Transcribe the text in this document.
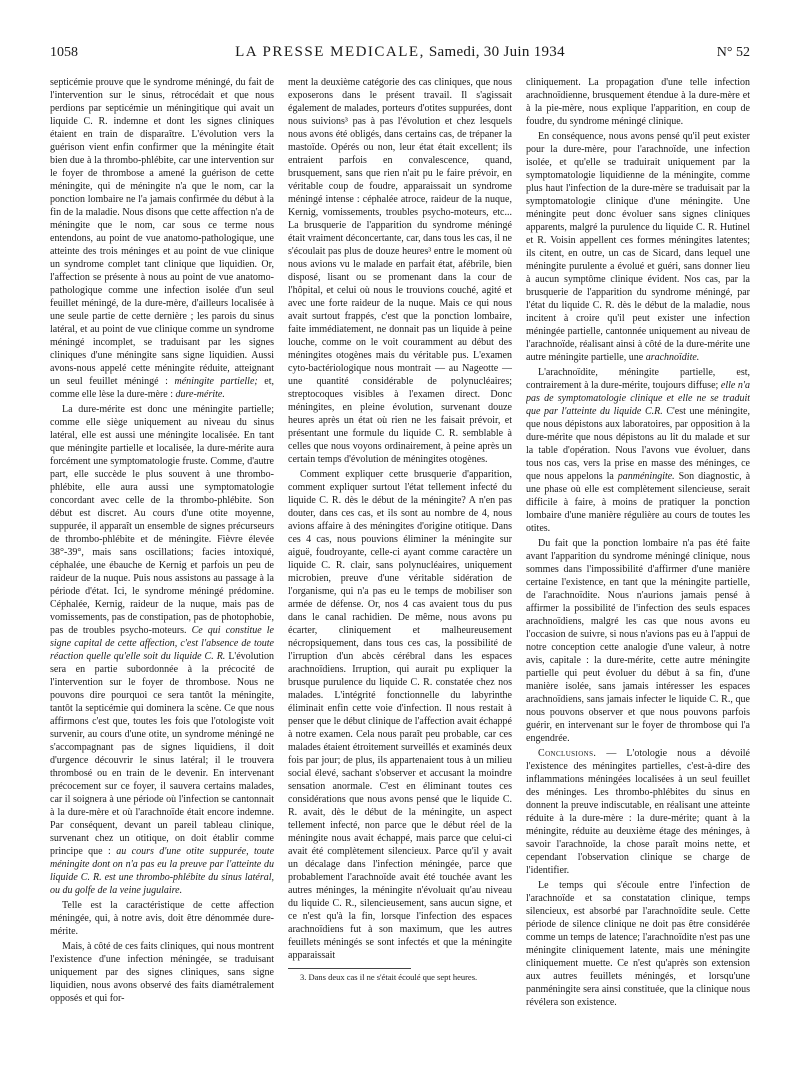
1058	LA PRESSE MEDICALE, Samedi, 30 Juin 1934	N° 52

septicémie prouve que le syndrome méningé, du fait de l'intervention sur le sinus, rétrocédait et que nous perdions par septicémie un méningitique qui avait un liquide C. R. indemne et dont les signes cliniques étaient en train de disparaître. L'évolution vers la guérison vient enfin confirmer que la méningite était bien due à la thrombo-phlébite, car une intervention sur le foyer de thrombose a amené la guérison de cette méningite, qui de méningite n'a que le nom, car la ponction lombaire ne l'a jamais confirmée du début à la fin de la maladie. Nous disons que cette affection n'a de méningite que le nom, car sous ce terme nous entendons, au point de vue anatomo-pathologique, une atteinte des trois méninges et au point de vue clinique un syndrome complet tant clinique que liquidien. Or, l'affection se présente à nous au point de vue anatomo-pathologique comme une infection isolée d'un seul feuillet méningé, de la dure-mère, d'ailleurs localisée à une seule partie de cette dernière ; les parois du sinus latéral, et au point de vue clinique comme un syndrome méningé incomplet, se traduisant par les signes cliniques d'une méningite sans signe liquidien. Aussi avons-nous appelé cette méningite réduite, atteignant un seul feuillet méningé : méningite partielle; et, comme elle lèse la dure-mère : dure-mérite.

La dure-mérite est donc une méningite partielle; comme elle siège uniquement au niveau du sinus latéral, elle est aussi une méningite localisée. En tant que méningite partielle et localisée, la dure-mérite aura forcément une symptomatologie fruste. Comme, d'autre part, elle succède le plus souvent à une thrombo-phlébite, elle aura aussi une symptomatologie concordant avec celle de la thrombo-phlébite. Son début est discret. Au cours d'une otite moyenne, suppurée, il apparaît un ensemble de signes précurseurs de thrombo-phlébite et de méningite. Fièvre élevée 38°-39°, mais sans oscillations; facies intoxiqué, céphalée, une ébauche de Kernig et parfois un peu de raideur de la nuque. Puis nous assistons au passage à la période d'état. Ici, le syndrome méningé prédomine. Céphalée, Kernig, raideur de la nuque, mais pas de vomissements, pas de constipation, pas de photophobie, pas de troubles psycho-moteurs. Ce qui constitue le signe capital de cette affection, c'est l'absence de toute réaction quelle qu'elle soit du liquide C. R. L'évolution sera en partie subordonnée à la précocité de l'intervention sur le foyer de thrombose. Nous ne pouvons dire pourquoi ce sera tantôt la méningite, tantôt la septicémie qui dominera la scène. Ce que nous affirmons c'est que, toutes les fois que l'otologiste voit survenir, au cours d'une otite, un syndrome méningé ne s'accompagnant pas de signes liquidiens, il doit d'urgence découvrir le sinus latéral; il le trouvera thrombosé ou en train de le devenir. En intervenant précocement sur ce foyer, il sauvera certains malades, car il soignera à une période où l'infection se cantonnait à la dure-mère et où l'arachnoïde était encore indemne. Par conséquent, devant un pareil tableau clinique, survenant chez un otitique, on doit établir comme principe que : au cours d'une otite suppurée, toute méningite dont on n'a pas eu la preuve par l'atteinte du liquide C. R. est une thrombo-phlébite du sinus latéral, ou du golfe de la veine jugulaire.

Telle est la caractéristique de cette affection méningée, qui, à notre avis, doit être dénommée dure-mérite.

Mais, à côté de ces faits cliniques, qui nous montrent l'existence d'une infection méningée, se traduisant uniquement par des signes cliniques, sans signe liquidien, nous avons observé des faits diamétralement opposés et qui for-

ment la deuxième catégorie des cas cliniques, que nous exposerons dans le présent travail. Il s'agissait également de malades, porteurs d'otites suppurées, dont nous suivions³ pas à pas l'évolution et chez lesquels nous avons été obligés, dans certains cas, de trépaner la mastoïde. Opérés ou non, leur état était excellent; ils entraient parfois en convalescence, quand, brusquement, sans que rien n'ait pu le faire prévoir, en véritable coup de foudre, apparaissait un syndrome méningé intense : céphalée atroce, raideur de la nuque, Kernig, vomissements, troubles psycho-moteurs, etc... La brusquerie de l'apparition du syndrome méningé était vraiment déconcertante, car, dans tous les cas, il ne s'écoulait pas plus de douze heures³ entre le moment où nous avions vu le malade en parfait état, afébrile, bien disposé, lisant ou se promenant dans la cour de l'hôpital, et celui où nous le trouvions couché, agité et avec une forte raideur de la nuque. Mais ce qui nous avait surtout frappés, c'est que la ponction lombaire, faite immédiatement, ne donnait pas un liquide à peine louche, comme on le voit couramment au début des méningites otogènes mais du véritable pus. L'examen cyto-bactériologique nous montrait — au Nageotte — une quantité considérable de polynucléaires; streptocoques visibles à l'examen direct. Donc méningites, en pleine évolution, survenant douze heures après un état où rien ne les faisait prévoir, et présentant une formule du liquide C. R. semblable à celles que nous voyons ordinairement, à peine après un certain temps d'évolution de méningites otogènes.

Comment expliquer cette brusquerie d'apparition, comment expliquer surtout l'état tellement infecté du liquide C. R. dès le début de la méningite? A n'en pas douter, dans ces cas, et ils sont au nombre de 4, nous avions affaire à des méningites d'origine otitique. Dans ces 4 cas, nous pouvions éliminer la méningite sur aiguë, foudroyante, celle-ci ayant comme caractère un liquide C. R. clair, sans polynucléaires, uniquement microbien, preuve d'une véritable sidération de l'organisme, qui n'a pas eu le temps de mobiliser son armée de défense. Or, nos 4 cas avaient tous du pus dans le canal rachidien. De même, nous avons pu écarter, cliniquement et malheureusement nécropsiquement, dans tous ces cas, la possibilité de l'irruption d'un abcès cérébral dans les espaces arachnoïdiens. Irruption, qui aurait pu expliquer la brusque purulence du liquide C. R. constatée chez nos malades. L'intégrité fonctionnelle du labyrinthe éliminait enfin cette voie d'infection. Il nous restait à penser que le début clinique de l'affection avait échappé à notre examen. Cela nous paraît peu probable, car ces malades étaient étroitement surveillés et examinés deux fois par jour; de plus, ils appartenaient tous à un milieu social élevé, sachant s'observer et accusant la moindre sensation anormale. C'est en éliminant toutes ces considérations que nous avons pensé que le liquide C. R. avait, dès le début de la méningite, un aspect tellement infecté, non parce que le début réel de la méningite nous avait échappé, mais parce que celui-ci avait été complètement silencieux. Parce qu'il y avait un décalage dans l'infection méningée, parce que probablement l'arachnoïde avait été touchée avant les autres méninges, la méningite n'évoluait qu'au niveau du liquide C. R., silencieusement, sans aucun signe, et ce n'est qu'à la fin, lorsque l'infection des espaces arachnoïdiens fut à son maximum, que les autres feuillets méningés se sont infectés et que la méningite apparaissait

3. Dans deux cas il ne s'était écoulé que sept heures.

cliniquement. La propagation d'une telle infection arachnoïdienne, brusquement étendue à la dure-mère et à la pie-mère, nous explique l'apparition, en coup de foudre, du syndrome méningé clinique.

En conséquence, nous avons pensé qu'il peut exister pour la dure-mère, pour l'arachnoïde, une infection isolée, et qu'elle se traduirait uniquement par la symptomatologie liquidienne de la méningite, comme plus haut l'infection de la dure-mère se traduisait par la symptomatologie clinique d'une méningite. Une méningite peut donc évoluer sans signes cliniques apparents, malgré la purulence du liquide C. R. Hutinel et R. Voisin appellent ces formes méningites latentes; ils citent, en outre, un cas de Sicard, dans lequel une méningite purulente a évolué et guéri, sans donner lieu à aucun symptôme clinique évident. Nos cas, par la brusquerie de l'apparition du syndrome méningé, par l'état du liquide C. R. dès le début de la maladie, nous incitent à croire qu'il peut exister une infection méningée partielle, cantonnée uniquement au niveau de l'arachnoïde, réalisant ainsi à côté de la dure-mérite une autre méningite partielle, une arachnoïdite.

L'arachnoïdite, méningite partielle, est, contrairement à la dure-mérite, toujours diffuse; elle n'a pas de symptomatologie clinique et elle ne se traduit que par l'atteinte du liquide C.R. C'est une méningite, que nous dépistons aux laboratoires, par opposition à la dure-mérite que nous dépistons au lit du malade et sur la table d'opération. Nous l'avons vue évoluer, dans tous nos cas, vers la prise en masse des méninges, ce que nous appelons la panméningite. Son diagnostic, à une phase où elle est complètement silencieuse, serait difficile à faire, à moins de pratiquer la ponction lombaire d'une manière régulière au cours de toutes les otites.

Du fait que la ponction lombaire n'a pas été faite avant l'apparition du syndrome méningé clinique, nous sommes dans l'impossibilité d'affirmer d'une manière certaine l'existence, en tant que la méningite partielle, de l'arachnoïdite. Nous n'aurions jamais pensé à affirmer la possibilité de l'infection des seuls espaces arachnoïdiens, malgré les cas que nous avons eu l'occasion de suivre, si nous n'avions pas eu à l'appui de notre conception cette analogie d'une valeur, à notre avis, capitale : la dure-mérite, cette autre méningite partielle qui peut évoluer du début à sa fin, d'une manière isolée, sans jamais intéresser les espaces arachnoïdiens, sans jamais infecter le liquide C. R., que nous pouvons observer et que nous pouvons parfois guérir, en intervenant sur le foyer de thrombose qui l'a engendrée.

Conclusions. — L'otologie nous a dévoilé l'existence des méningites partielles, c'est-à-dire des inflammations méningées localisées à un seul feuillet des méninges. Les thrombo-phlébites du sinus en donnent la preuve indiscutable, en réalisant une atteinte réduite à la dure-mère : la dure-mérite; quant à la méningite, réduite au deuxième étage des méninges, à savoir l'arachnoïde, la chose paraît moins nette, et cependant l'observation clinique se charge de l'identifier.

Le temps qui s'écoule entre l'infection de l'arachnoïde et sa constatation clinique, temps silencieux, est absorbé par l'arachnoïdite seule. Cette période de silence clinique ne doit pas être considérée comme un temps de latence; l'arachnoïdite n'est pas une méningite cliniquement latente, mais une méningite cliniquement muette. Ce n'est qu'après son extension aux autres feuillets méningés, et lorsqu'une panméningite sera ainsi constituée, que la clinique nous révélera son existence.
